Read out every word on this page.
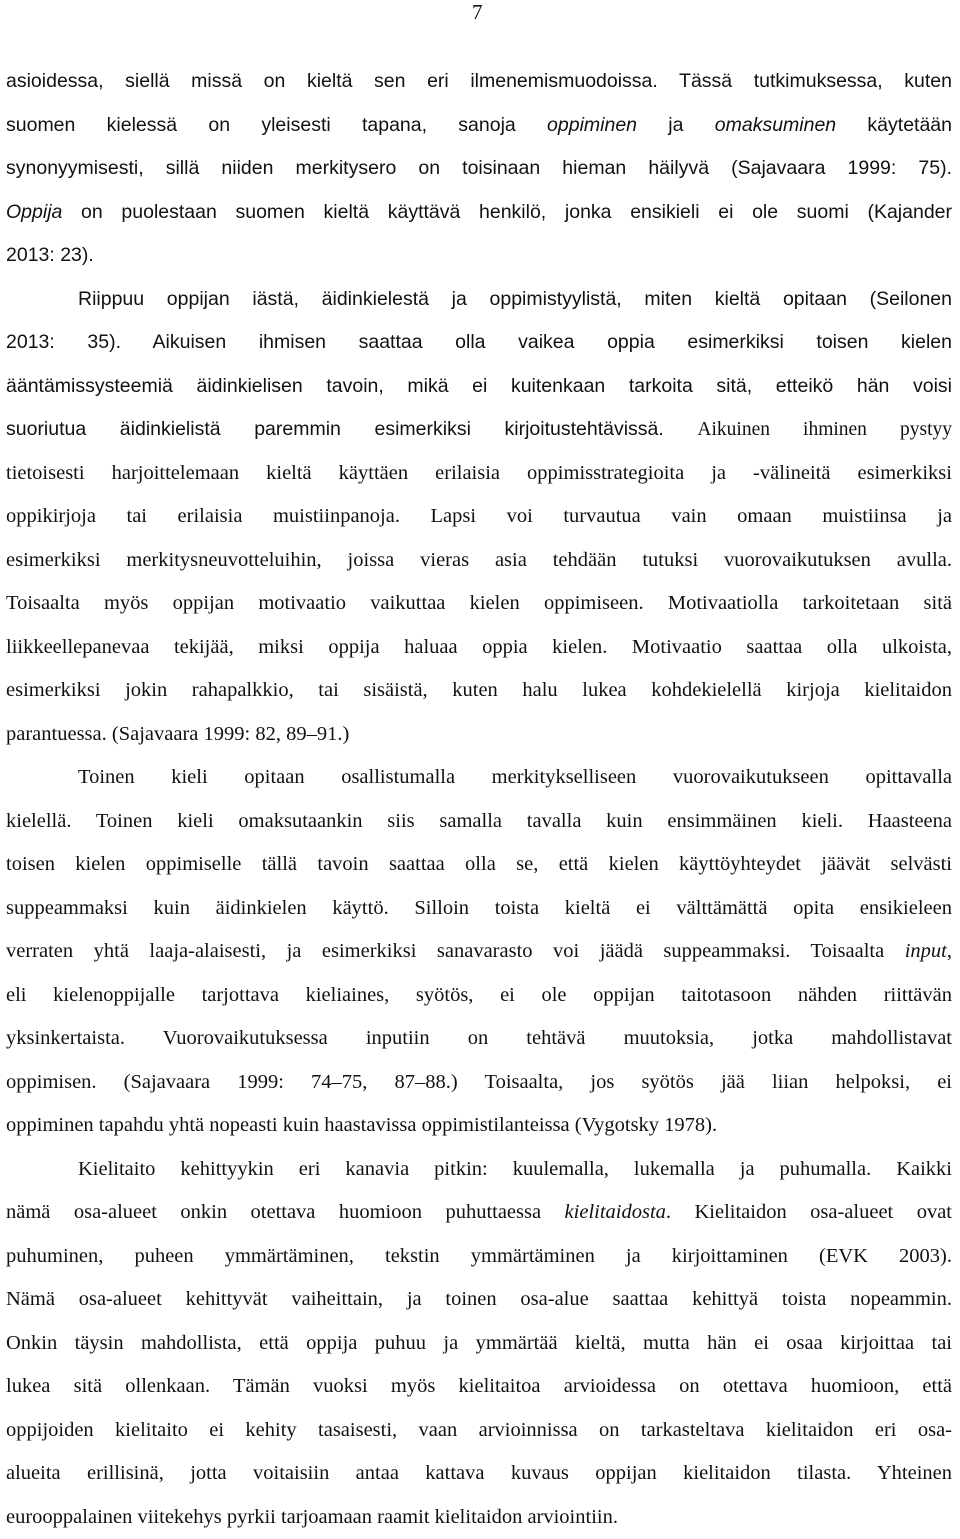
7
asioidessa, siellä missä on kieltä sen eri ilmenemismuodoissa. Tässä tutkimuksessa, kuten
suomen kielessä on yleisesti tapana, sanoja oppiminen ja omaksuminen käytetään
synonyymisesti, sillä niiden merkitysero on toisinaan hieman häilyvä (Sajavaara 1999: 75).
Oppija on puolestaan suomen kieltä käyttävä henkilö, jonka ensikieli ei ole suomi (Kajander
2013: 23).
Riippuu oppijan iästä, äidinkielestä ja oppimistyylistä, miten kieltä opitaan (Seilonen
2013: 35). Aikuisen ihmisen saattaa olla vaikea oppia esimerkiksi toisen kielen
ääntämissysteemiä äidinkielisen tavoin, mikä ei kuitenkaan tarkoita sitä, etteikö hän voisi
suoriutua äidinkielistä paremmin esimerkiksi kirjoitustehtävissä. Aikuinen ihminen pystyy
tietoisesti harjoittelemaan kieltä käyttäen erilaisia oppimisstrategioita ja -välineitä esimerkiksi
oppikirjoja tai erilaisia muistiinpanoja. Lapsi voi turvautua vain omaan muistiinsa ja
esimerkiksi merkitysneuvotteluihin, joissa vieras asia tehdään tutuksi vuorovaikutuksen avulla.
Toisaalta myös oppijan motivaatio vaikuttaa kielen oppimiseen. Motivaatiolla tarkoitetaan sitä
liikkeellepanevaa tekijää, miksi oppija haluaa oppia kielen. Motivaatio saattaa olla ulkoista,
esimerkiksi jokin rahapalkkio, tai sisäistä, kuten halu lukea kohdekielellä kirjoja kielitaidon
parantuessa. (Sajavaara 1999: 82, 89–91.)
Toinen kieli opitaan osallistumalla merkitykselliseen vuorovaikutukseen opittavalla
kielellä. Toinen kieli omaksutaankin siis samalla tavalla kuin ensimmäinen kieli. Haasteena
toisen kielen oppimiselle tällä tavoin saattaa olla se, että kielen käyttöyhteydet jäävät selvästi
suppeammaksi kuin äidinkielen käyttö. Silloin toista kieltä ei välttämättä opita ensikieleen
verraten yhtä laaja-alaisesti, ja esimerkiksi sanavarasto voi jäädä suppeammaksi. Toisaalta input,
eli kielenoppijalle tarjottava kieliaines, syötös, ei ole oppijan taitotasoon nähden riittävän
yksinkertaista. Vuorovaikutuksessa inputiin on tehtävä muutoksia, jotka mahdollistavat
oppimisen. (Sajavaara 1999: 74–75, 87–88.) Toisaalta, jos syötös jää liian helpoksi, ei
oppiminen tapahdu yhtä nopeasti kuin haastavissa oppimistilanteissa (Vygotsky 1978).
Kielitaito kehittyykin eri kanavia pitkin: kuulemalla, lukemalla ja puhumalla. Kaikki
nämä osa-alueet onkin otettava huomioon puhuttaessa kielitaidosta. Kielitaidon osa-alueet ovat
puhuminen, puheen ymmärtäminen, tekstin ymmärtäminen ja kirjoittaminen (EVK 2003).
Nämä osa-alueet kehittyvät vaiheittain, ja toinen osa-alue saattaa kehittyä toista nopeammin.
Onkin täysin mahdollista, että oppija puhuu ja ymmärtää kieltä, mutta hän ei osaa kirjoittaa tai
lukea sitä ollenkaan. Tämän vuoksi myös kielitaitoa arvioidessa on otettava huomioon, että
oppijoiden kielitaito ei kehity tasaisesti, vaan arvioinnissa on tarkasteltava kielitaidon eri osa-
alueita erillisinä, jotta voitaisiin antaa kattava kuvaus oppijan kielitaidon tilasta. Yhteinen
eurooppalainen viitekehys pyrkii tarjoamaan raamit kielitaidon arviointiin.
